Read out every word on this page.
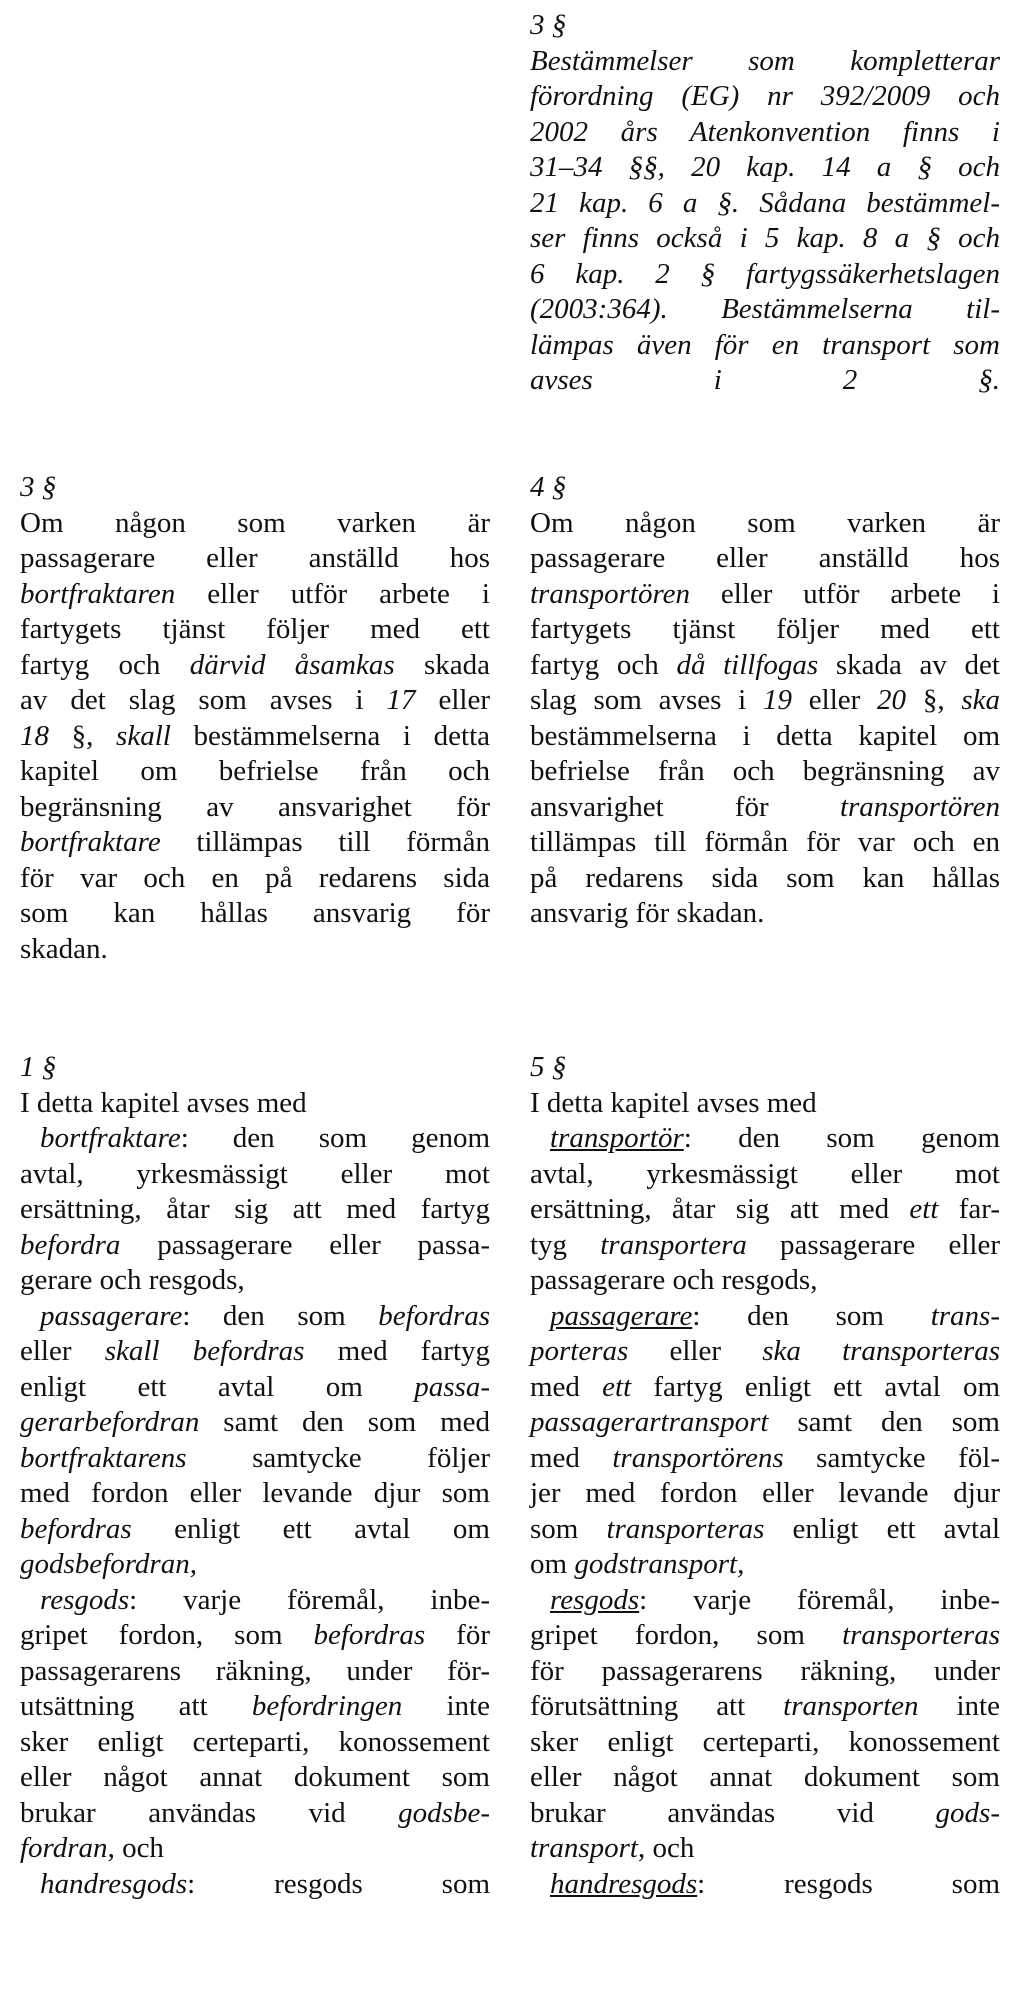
3 §
Bestämmelser som kompletterar
förordning (EG) nr 392/2009 och
2002 års Atenkonvention finns i
31–34 §§, 20 kap. 14 a § och
21 kap. 6 a §. Sådana bestämmel-
ser finns också i 5 kap. 8 a § och
6 kap. 2 § fartygssäkerhetslagen
(2003:364). Bestämmelserna til-
lämpas även för en transport som
avses i 2 §.
3 §
Om någon som varken är
passagerare eller anställd hos
bortfraktaren eller utför arbete i
fartygets tjänst följer med ett
fartyg och därvid åsamkas skada
av det slag som avses i 17 eller
18 §, skall bestämmelserna i detta
kapitel om befrielse från och
begränsning av ansvarighet för
bortfraktare tillämpas till förmån
för var och en på redarens sida
som kan hållas ansvarig för
skadan.
4 §
Om någon som varken är
passagerare eller anställd hos
transportören eller utför arbete i
fartygets tjänst följer med ett
fartyg och då tillfogas skada av det
slag som avses i 19 eller 20 §, ska
bestämmelserna i detta kapitel om
befrielse från och begränsning av
ansvarighet för transportören
tillämpas till förmån för var och en
på redarens sida som kan hållas
ansvarig för skadan.
1 §
I detta kapitel avses med
bortfraktare: den som genom
avtal, yrkesmässigt eller mot
ersättning, åtar sig att med fartyg
befordra passagerare eller passa-
gerare och resgods,
passagerare: den som befordras
eller skall befordras med fartyg
enligt ett avtal om passa-
gerarbefordran samt den som med
bortfraktarens samtycke följer
med fordon eller levande djur som
befordras enligt ett avtal om
godsbefordran,
resgods: varje föremål, inbe-
gripet fordon, som befordras för
passagerarens räkning, under för-
utsättning att befordringen inte
sker enligt certeparti, konossement
eller något annat dokument som
brukar användas vid godsbe-
fordran, och
handresgods: resgods som
5 §
I detta kapitel avses med
transportör: den som genom
avtal, yrkesmässigt eller mot
ersättning, åtar sig att med ett far-
tyg transportera passagerare eller
passagerare och resgods,
passagerare: den som trans-
porteras eller ska transporteras
med ett fartyg enligt ett avtal om
passagerartransport samt den som
med transportörens samtycke föl-
jer med fordon eller levande djur
som transporteras enligt ett avtal
om godstransport,
resgods: varje föremål, inbe-
gripet fordon, som transporteras
för passagerarens räkning, under
förutsättning att transporten inte
sker enligt certeparti, konossement
eller något annat dokument som
brukar användas vid gods-
transport, och
handresgods: resgods som
